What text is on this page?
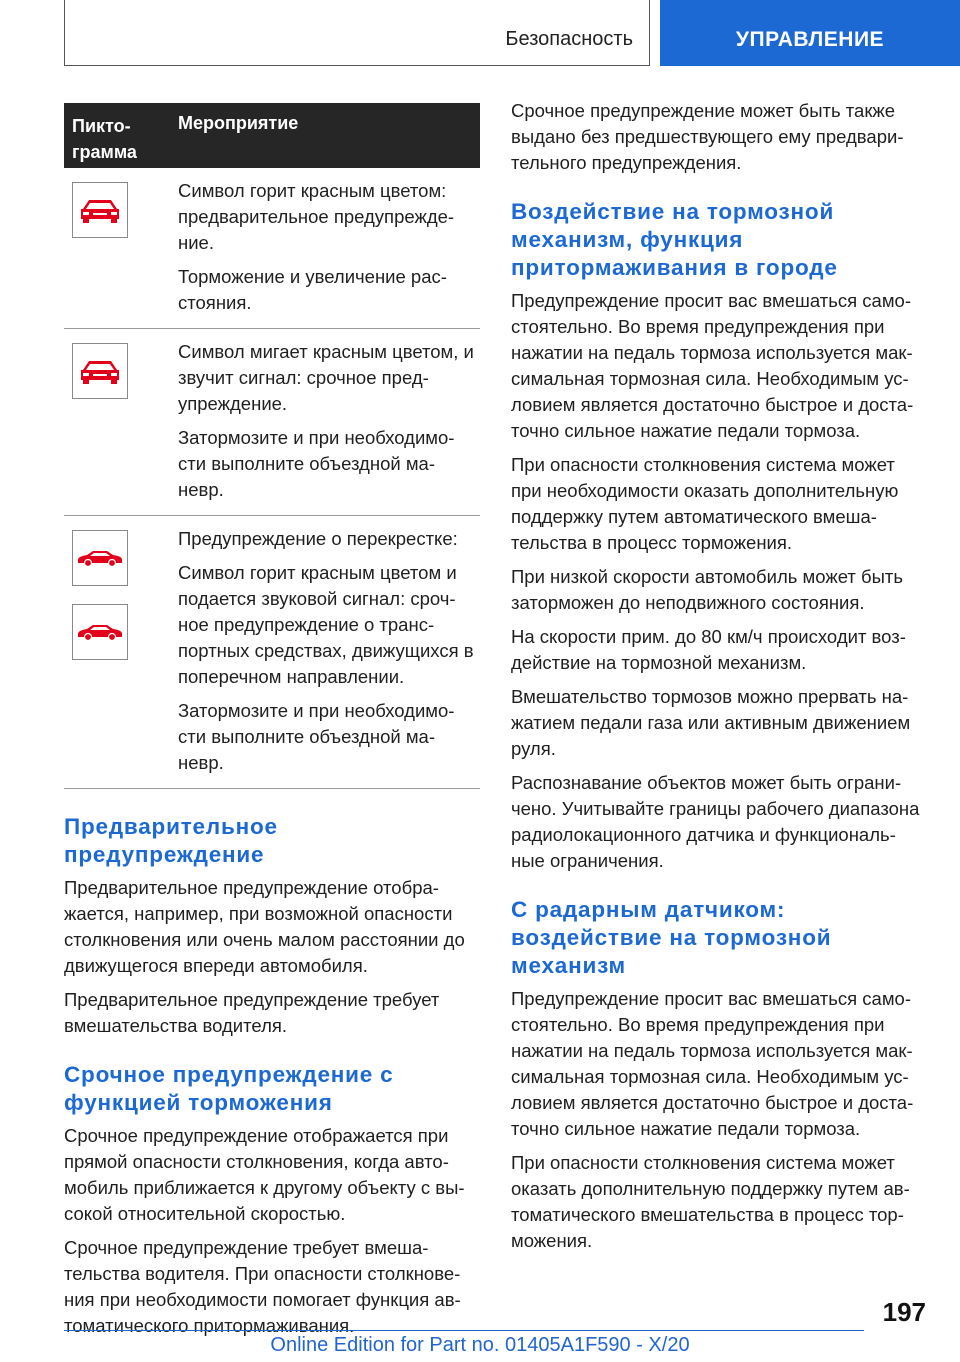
Безопасность	УПРАВЛЕНИЕ
Пикто-грамма
Мероприятие

Символ горит красным цветом: предварительное предупрежде-ние.

Торможение и увеличение рас-стояния.

Символ мигает красным цветом, и звучит сигнал: срочное пред-упреждение.

Затормозите и при необходимо-сти выполните объездной ма-невр.

Предупреждение о перекрестке:

Символ горит красным цветом и подается звуковой сигнал: сроч-ное предупреждение о транс-портных средствах, движущихся в поперечном направлении.

Затормозите и при необходимо-сти выполните объездной ма-невр.

Предварительное предупреждение

Предварительное предупреждение отобра-жается, например, при возможной опасности столкновения или очень малом расстоянии до движущегося впереди автомобиля.

Предварительное предупреждение требует вмешательства водителя.

Срочное предупреждение с функцией торможения

Срочное предупреждение отображается при прямой опасности столкновения, когда авто-мобиль приближается к другому объекту с вы-сокой относительной скоростью.

Срочное предупреждение требует вмеша-тельства водителя. При опасности столкнове-ния при необходимости помогает функция ав-томатического притормаживания.

Срочное предупреждение может быть также выдано без предшествующего ему предвари-тельного предупреждения.

Воздействие на тормозной механизм, функция притормаживания в городе

Предупреждение просит вас вмешаться само-стоятельно. Во время предупреждения при нажатии на педаль тормоза используется мак-симальная тормозная сила. Необходимым ус-ловием является достаточно быстрое и доста-точно сильное нажатие педали тормоза.

При опасности столкновения система может при необходимости оказать дополнительную поддержку путем автоматического вмеша-тельства в процесс торможения.

При низкой скорости автомобиль может быть заторможен до неподвижного состояния.

На скорости прим. до 80 км/ч происходит воз-действие на тормозной механизм.

Вмешательство тормозов можно прервать на-жатием педали газа или активным движением руля.

Распознавание объектов может быть ограни-чено. Учитывайте границы рабочего диапазона радиолокационного датчика и функциональ-ные ограничения.

С радарным датчиком: воздействие на тормозной механизм

Предупреждение просит вас вмешаться само-стоятельно. Во время предупреждения при нажатии на педаль тормоза используется мак-симальная тормозная сила. Необходимым ус-ловием является достаточно быстрое и доста-точно сильное нажатие педали тормоза.

При опасности столкновения система может оказать дополнительную поддержку путем ав-томатического вмешательства в процесс тор-можения.

197
Online Edition for Part no. 01405A1F590 - X/20
